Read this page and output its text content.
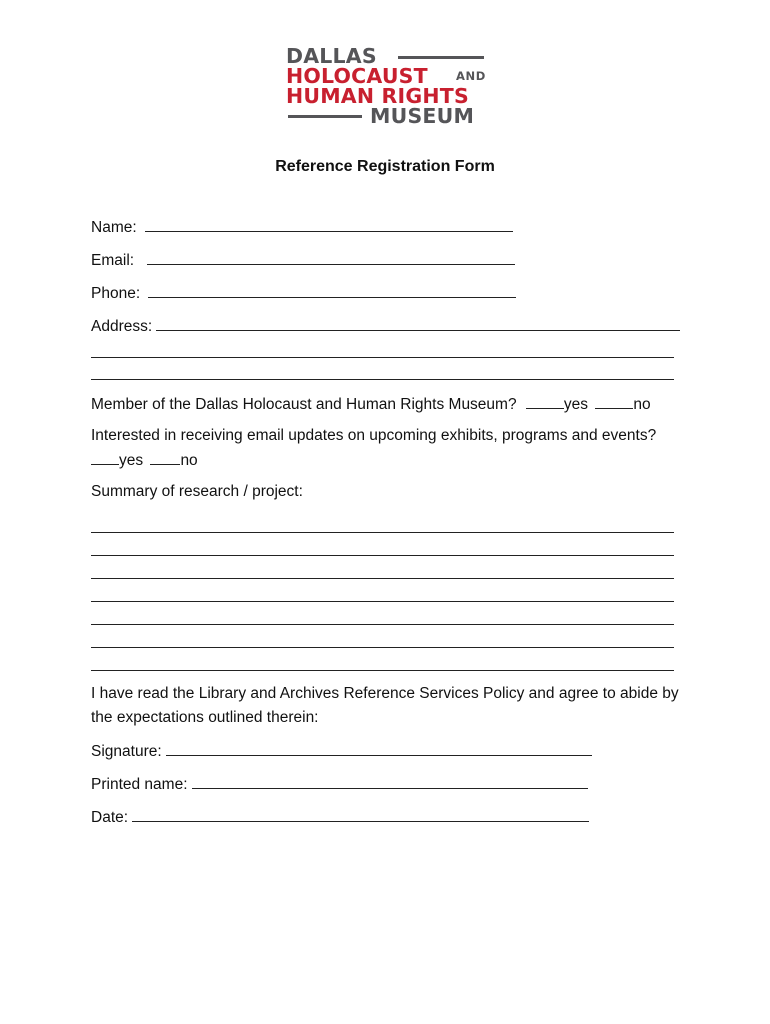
DALLAS
HOLOCAUST AND
HUMAN RIGHTS
MUSEUM
Reference Registration Form
Name:
Email:
Phone:
Address:
Member of the Dallas Holocaust and Human Rights Museum?	yes	no
Interested in receiving email updates on upcoming exhibits, programs and events?
yes no
Summary of research / project:
I have read the Library and Archives Reference Services Policy and agree to abide by the expectations outlined therein:
Signature:
Printed name:
Date:
